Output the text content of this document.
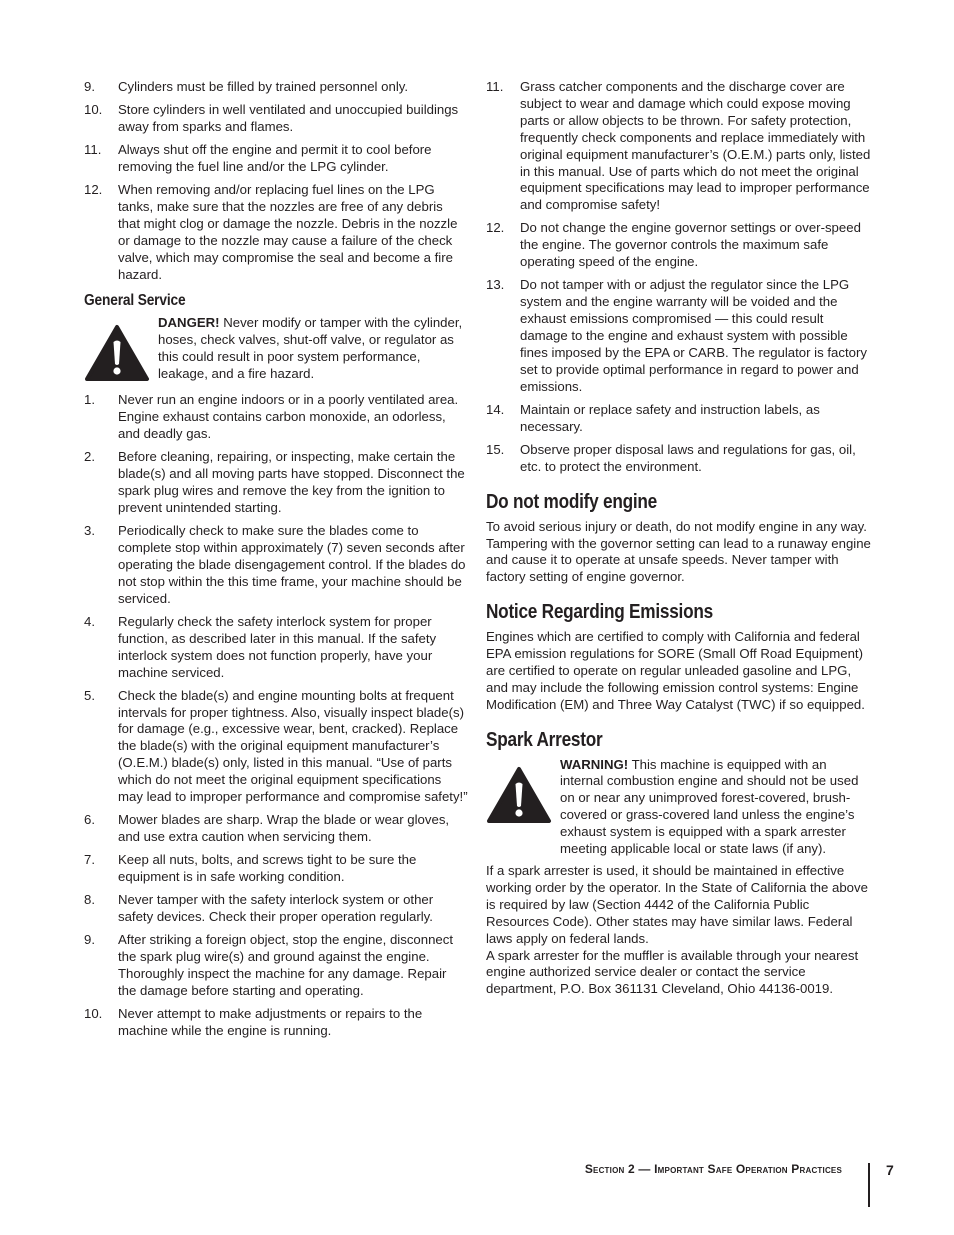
9.	Cylinders must be filled by trained personnel only.
10.	Store cylinders in well ventilated and unoccupied buildings away from sparks and flames.
11.	Always shut off the engine and permit it to cool before removing the fuel line and/or the LPG cylinder.
12.	When removing and/or replacing fuel lines on the LPG tanks, make sure that the nozzles are free of any debris that might clog or damage the nozzle. Debris in the nozzle or damage to the nozzle may cause a failure of the check valve, which may compromise the seal and become a fire hazard.
General Service
DANGER! Never modify or tamper with the cylinder, hoses, check valves, shut-off valve, or regulator as this could result in poor system performance, leakage, and a fire hazard.
1.	Never run an engine indoors or in a poorly ventilated area. Engine exhaust contains carbon monoxide, an odorless, and deadly gas.
2.	Before cleaning, repairing, or inspecting, make certain the blade(s) and all moving parts have stopped. Disconnect the spark plug wires and remove the key from the ignition to prevent unintended starting.
3.	Periodically check to make sure the blades come to complete stop within approximately (7) seven seconds after operating the blade disengagement control. If the blades do not stop within the this time frame, your machine should be serviced.
4.	Regularly check the safety interlock system for proper function, as described later in this manual. If the safety interlock system does not function properly, have your machine serviced.
5.	Check the blade(s) and engine mounting bolts at frequent intervals for proper tightness. Also, visually inspect blade(s) for damage (e.g., excessive wear, bent, cracked). Replace the blade(s) with the original equipment manufacturer’s (O.E.M.) blade(s) only, listed in this manual. “Use of parts which do not meet the original equipment specifications may lead to improper performance and compromise safety!”
6.	Mower blades are sharp. Wrap the blade or wear gloves, and use extra caution when servicing them.
7.	Keep all nuts, bolts, and screws tight to be sure the equipment is in safe working condition.
8.	Never tamper with the safety interlock system or other safety devices. Check their proper operation regularly.
9.	After striking a foreign object, stop the engine, disconnect the spark plug wire(s) and ground against the engine. Thoroughly inspect the machine for any damage. Repair the damage before starting and operating.
10.	Never attempt to make adjustments or repairs to the machine while the engine is running.
11.	Grass catcher components and the discharge cover are subject to wear and damage which could expose moving parts or allow objects to be thrown. For safety protection, frequently check components and replace immediately with original equipment manufacturer’s (O.E.M.) parts only, listed in this manual. Use of parts which do not meet the original equipment specifications may lead to improper performance and compromise safety!
12.	Do not change the engine governor settings or over-speed the engine. The governor controls the maximum safe operating speed of the engine.
13.	Do not tamper with or adjust the regulator since the LPG system and the engine warranty will be voided and the exhaust emissions compromised — this could result damage to the engine and exhaust system with possible fines imposed by the EPA or CARB. The regulator is factory set to provide optimal performance in regard to power and emissions.
14.	Maintain or replace safety and instruction labels, as necessary.
15.	Observe proper disposal laws and regulations for gas, oil, etc. to protect the environment.
Do not modify engine

To avoid serious injury or death, do not modify engine in any way. Tampering with the governor setting can lead to a runaway engine and cause it to operate at unsafe speeds. Never tamper with factory setting of engine governor.

Notice Regarding Emissions

Engines which are certified to comply with California and federal EPA emission regulations for SORE (Small Off Road Equipment) are certified to operate on regular unleaded gasoline and LPG, and may include the following emission control systems: Engine Modification (EM) and Three Way Catalyst (TWC) if so equipped.

Spark Arrestor
WARNING! This machine is equipped with an internal combustion engine and should not be used on or near any unimproved forest-covered, brush-covered or grass-covered land unless the engine’s exhaust system is equipped with a spark arrester meeting applicable local or state laws (if any).

If a spark arrester is used, it should be maintained in effective working order by the operator. In the State of California the above is required by law (Section 4442 of the California Public Resources Code). Other states may have similar laws. Federal laws apply on federal lands.

A spark arrester for the muffler is available through your nearest engine authorized service dealer or contact the service department, P.O. Box 361131 Cleveland, Ohio 44136-0019.

Section 2 — Important Safe Operation Practices	7
